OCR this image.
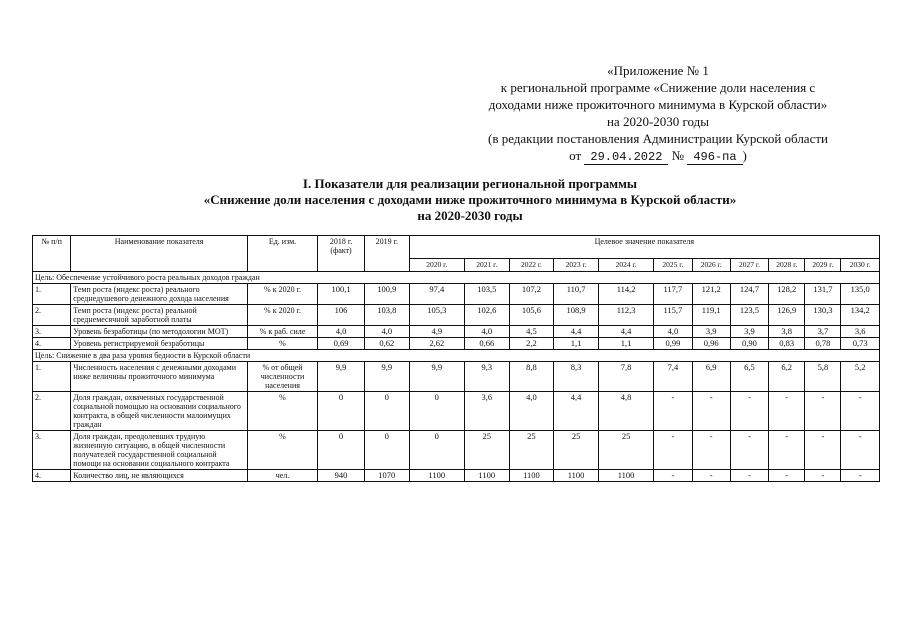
«Приложение № 1
к региональной программе «Снижение доли населения с
доходами ниже прожиточного минимума в Курской области»
на 2020-2030 годы
(в редакции постановления Администрации Курской области
от 29.04.2022 № 496-па )
I. Показатели для реализации региональной программы
«Снижение доли населения с доходами ниже прожиточного минимума в Курской области»
на 2020-2030 годы
№ п/п	Наименование показателя	Ед. изм.	2018 г. (факт)	2019 г.	Целевое значение показателя										
					2020 г.	2021 г.	2022 г.	2023 г.	2024 г.	2025 г.	2026 г.	2027 г.	2028 г.	2029 г.	2030 г.
Цель: Обеспечение устойчивого роста реальных доходов граждан															
1.	Темп роста (индекс роста) реального среднедушевого денежного дохода населения	% к 2020 г.	100,1	100,9	97,4	103,5	107,2	110,7	114,2	117,7	121,2	124,7	128,2	131,7	135,0
2.	Темп роста (индекс роста) реальной среднемесячной заработной платы	% к 2020 г.	106	103,8	105,3	102,6	105,6	108,9	112,3	115,7	119,1	123,5	126,9	130,3	134,2
3.	Уровень безработицы (по методологии МОТ)	% к раб. силе	4,0	4,0	4,9	4,0	4,5	4,4	4,4	4,0	3,9	3,9	3,8	3,7	3,6
4.	Уровень регистрируемой безработицы	%	0,69	0,62	2,62	0,66	2,2	1,1	1,1	0,99	0,96	0,90	0,83	0,78	0,73
Цель: Снижение в два раза уровня бедности в Курской области															
1.	Численность населения с денежными доходами ниже величины прожиточного минимума	% от общей численности населения	9,9	9,9	9,9	9,3	8,8	8,3	7,8	7,4	6,9	6,5	6,2	5,8	5,2
2.	Доля граждан, охваченных государственной социальной помощью на основании социального контракта, в общей численности малоимущих граждан	%	0	0	0	3,6	4,0	4,4	4,8	-	-	-	-	-	-
3.	Доля граждан, преодолевших трудную жизненную ситуацию, в общей численности получателей государственной социальной помощи на основании социального контракта	%	0	0	0	25	25	25	25	-	-	-	-	-	-
4.	Количество лиц, не являющихся	чел.	940	1070	1100	1100	1100	1100	1100	-	-	-	-	-	-
